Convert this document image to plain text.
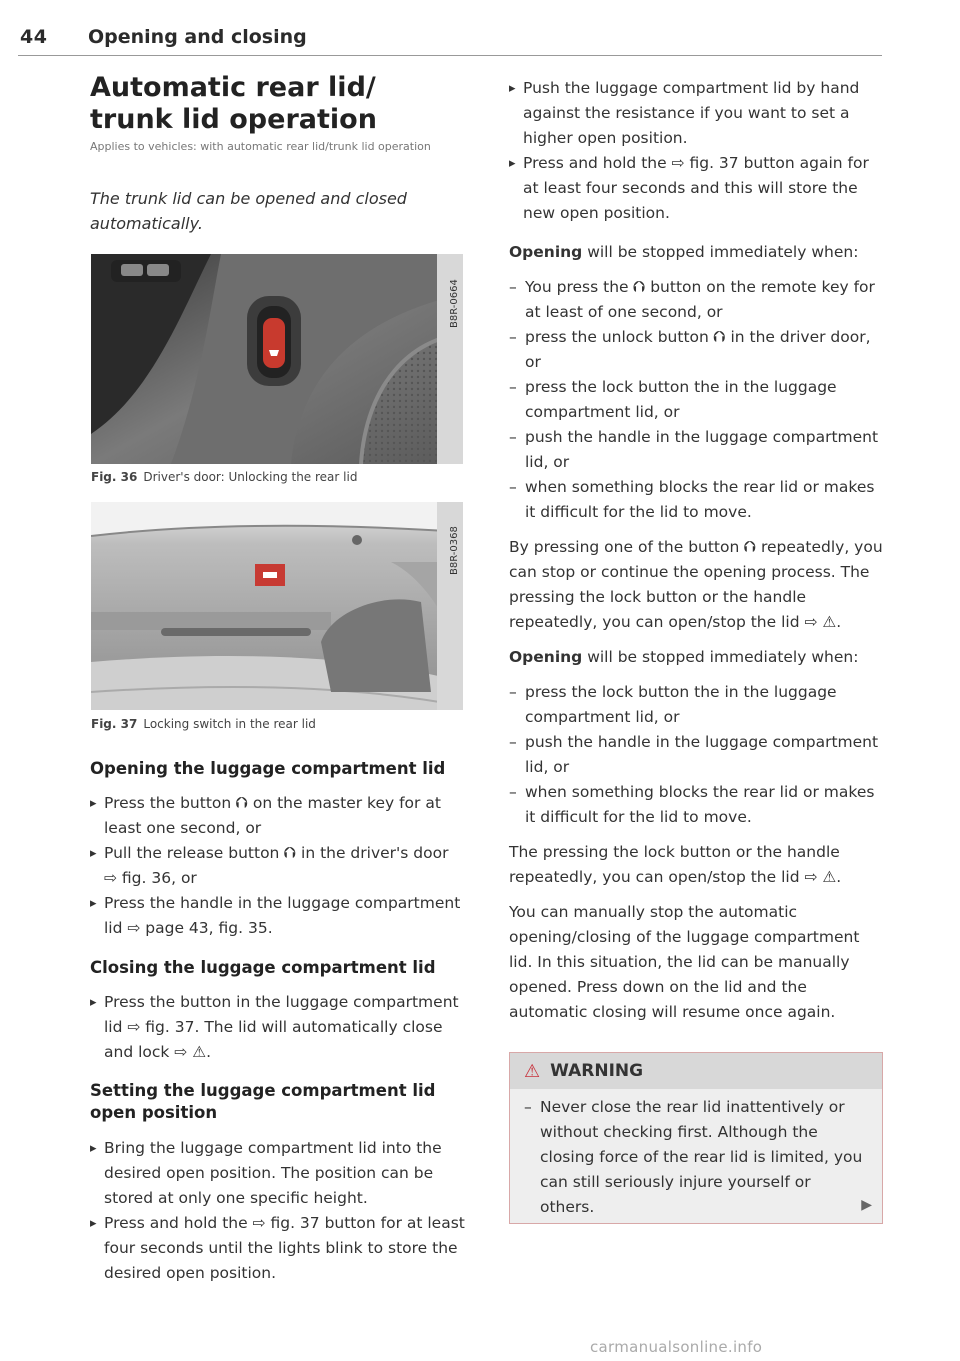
44 Opening and closing
Automatic rear lid/ trunk lid operation
Applies to vehicles: with automatic rear lid/trunk lid operation
The trunk lid can be opened and closed automatically.
B8R-0664
Fig. 36 Driver's door: Unlocking the rear lid
B8R-0368
Fig. 37 Locking switch in the rear lid
Opening the luggage compartment lid
▸ Press the button ⮉ on the master key for at least one second, or
▸ Pull the release button ⮉ in the driver's door ⇨ fig. 36, or
▸ Press the handle in the luggage compartment lid ⇨ page 43, fig. 35.
Closing the luggage compartment lid
▸ Press the button in the luggage compartment lid ⇨ fig. 37. The lid will automatically close and lock ⇨ ⚠.
Setting the luggage compartment lid open position
▸ Bring the luggage compartment lid into the desired open position. The position can be stored at only one specific height.
▸ Press and hold the ⇨ fig. 37 button for at least four seconds until the lights blink to store the desired open position.
▸ Push the luggage compartment lid by hand against the resistance if you want to set a higher open position.
▸ Press and hold the ⇨ fig. 37 button again for at least four seconds and this will store the new open position.

Opening will be stopped immediately when:

– You press the ⮉ button on the remote key for at least of one second, or
– press the unlock button ⮉ in the driver door, or
– press the lock button the in the luggage compartment lid, or
– push the handle in the luggage compartment lid, or
– when something blocks the rear lid or makes it difficult for the lid to move.

By pressing one of the button ⮉ repeatedly, you can stop or continue the opening process. The pressing the lock button or the handle repeatedly, you can open/stop the lid ⇨ ⚠.

Opening will be stopped immediately when:

– press the lock button the in the luggage compartment lid, or
– push the handle in the luggage compartment lid, or
– when something blocks the rear lid or makes it difficult for the lid to move.

The pressing the lock button or the handle repeatedly, you can open/stop the lid ⇨ ⚠.

You can manually stop the automatic opening/closing of the luggage compartment lid. In this situation, the lid can be manually opened. Press down on the lid and the automatic closing will resume once again.

⚠ WARNING
– Never close the rear lid inattentively or without checking first. Although the closing force of the rear lid is limited, you can still seriously injure yourself or others.	▶
carmanualsonline.info
